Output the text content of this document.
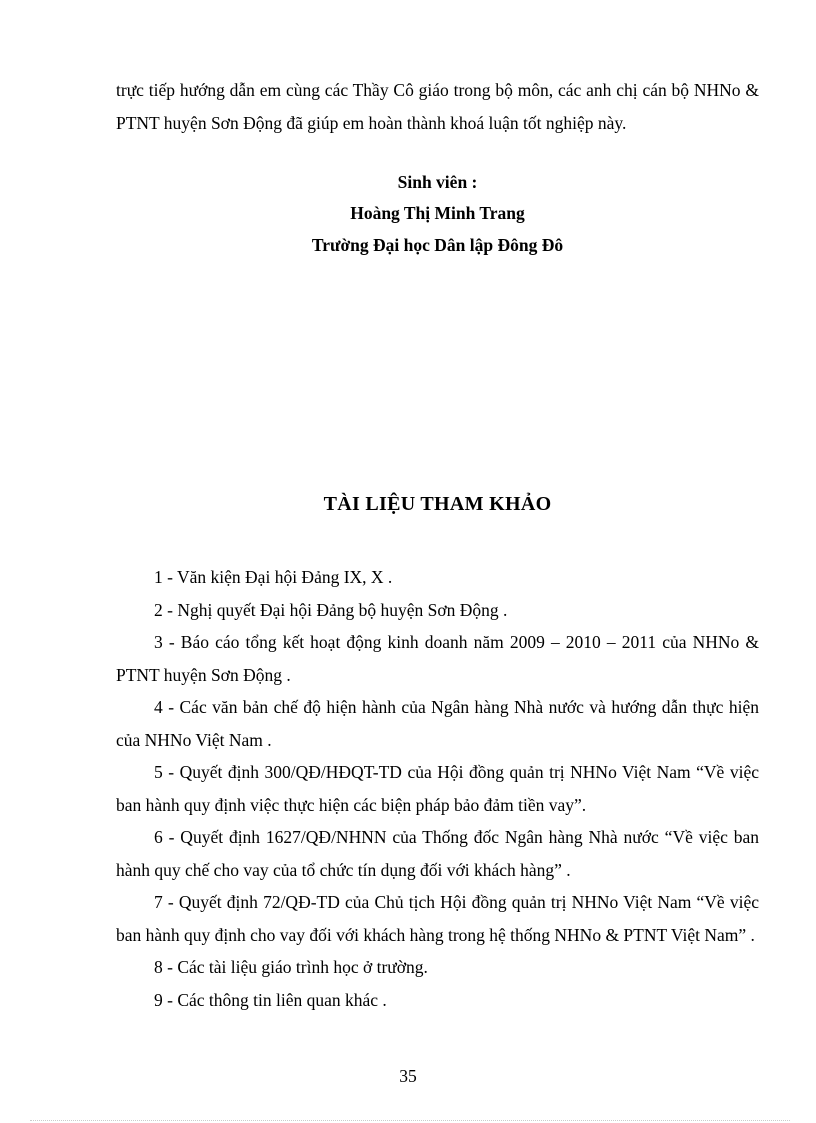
trực tiếp hướng dẫn em cùng các Thầy Cô giáo trong bộ môn, các anh chị cán bộ NHNo & PTNT huyện Sơn Động đã giúp em hoàn thành khoá luận tốt nghiệp này.

Sinh viên :

Hoàng Thị Minh Trang

Trường Đại học Dân lập Đông Đô

TÀI LIỆU THAM KHẢO
1 - Văn kiện Đại hội Đảng IX, X .
2 - Nghị quyết Đại hội Đảng bộ huyện Sơn Động .
3 - Báo cáo tổng kết hoạt động kinh doanh năm 2009 – 2010 – 2011 của NHNo & PTNT huyện Sơn Động .
4 - Các văn bản chế độ hiện hành của Ngân hàng Nhà nước và hướng dẫn thực hiện của NHNo Việt Nam .
5 - Quyết định 300/QĐ/HĐQT-TD của Hội đồng quản trị NHNo Việt Nam “Về việc ban hành quy định việc thực hiện các biện pháp bảo đảm tiền vay”.
6 - Quyết định 1627/QĐ/NHNN của Thống đốc Ngân hàng Nhà nước “Về việc ban hành quy chế cho vay của tổ chức tín dụng đối với khách hàng” .
7 - Quyết định 72/QĐ-TD của Chủ tịch Hội đồng quản trị NHNo Việt Nam “Về việc ban hành quy định cho vay đối với khách hàng trong hệ thống NHNo & PTNT Việt Nam” .
8 - Các tài liệu giáo trình học ở trường.
9 - Các thông tin liên quan khác .

35
